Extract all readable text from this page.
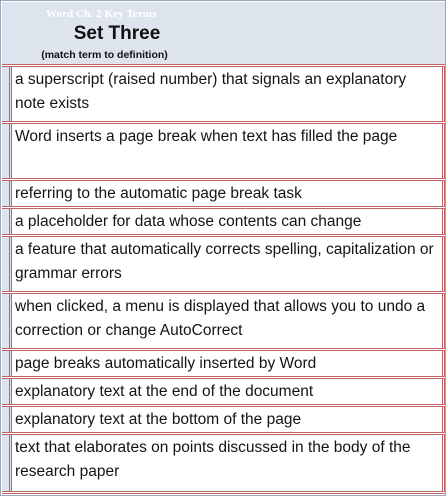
Word Ch. 2 Key Terms
Set Three
(match term to definition)
a superscript (raised number) that signals an explanatory note exists
Word inserts a page break when text has filled the page
referring to the automatic page break task
a placeholder for data whose contents can change
a feature that automatically corrects spelling, capitalization or grammar errors
when clicked, a menu is displayed that allows you to undo a correction or change AutoCorrect
page breaks automatically inserted by Word
explanatory text at the end of the document
explanatory text at the bottom of the page
text that elaborates on points discussed in the body of the research paper
